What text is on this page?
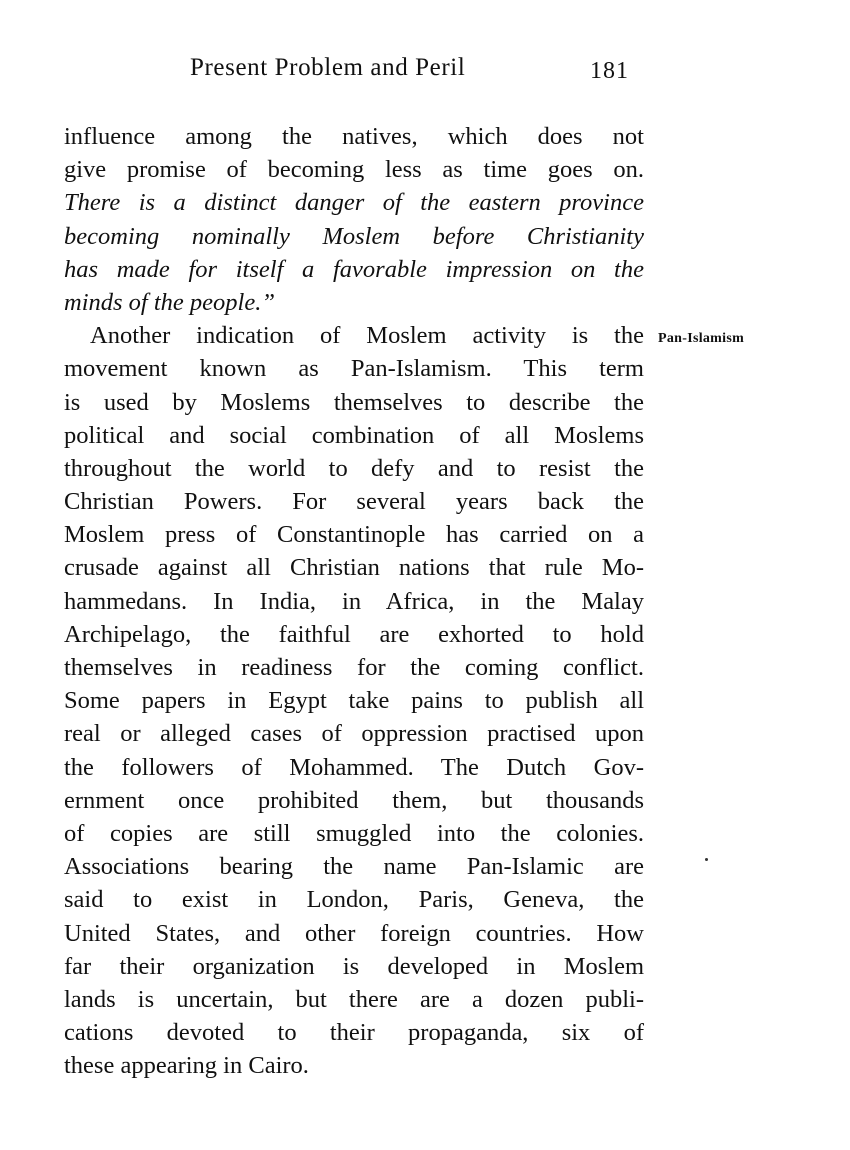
Present Problem and Peril	181
influence among the natives, which does not
give promise of becoming less as time goes on.
There is a distinct danger of the eastern province
becoming nominally Moslem before Christianity
has made for itself a favorable impression on the
minds of the people.”
Another indication of Moslem activity is the
movement known as Pan-Islamism. This term
is used by Moslems themselves to describe the
political and social combination of all Moslems
throughout the world to defy and to resist the
Christian Powers. For several years back the
Moslem press of Constantinople has carried on a
crusade against all Christian nations that rule Mo-
hammedans. In India, in Africa, in the Malay
Archipelago, the faithful are exhorted to hold
themselves in readiness for the coming conflict.
Some papers in Egypt take pains to publish all
real or alleged cases of oppression practised upon
the followers of Mohammed. The Dutch Gov-
ernment once prohibited them, but thousands
of copies are still smuggled into the colonies.
Associations bearing the name Pan-Islamic are
said to exist in London, Paris, Geneva, the
United States, and other foreign countries. How
far their organization is developed in Moslem
lands is uncertain, but there are a dozen publi-
cations devoted to their propaganda, six of
these appearing in Cairo.
Pan-Islamism
